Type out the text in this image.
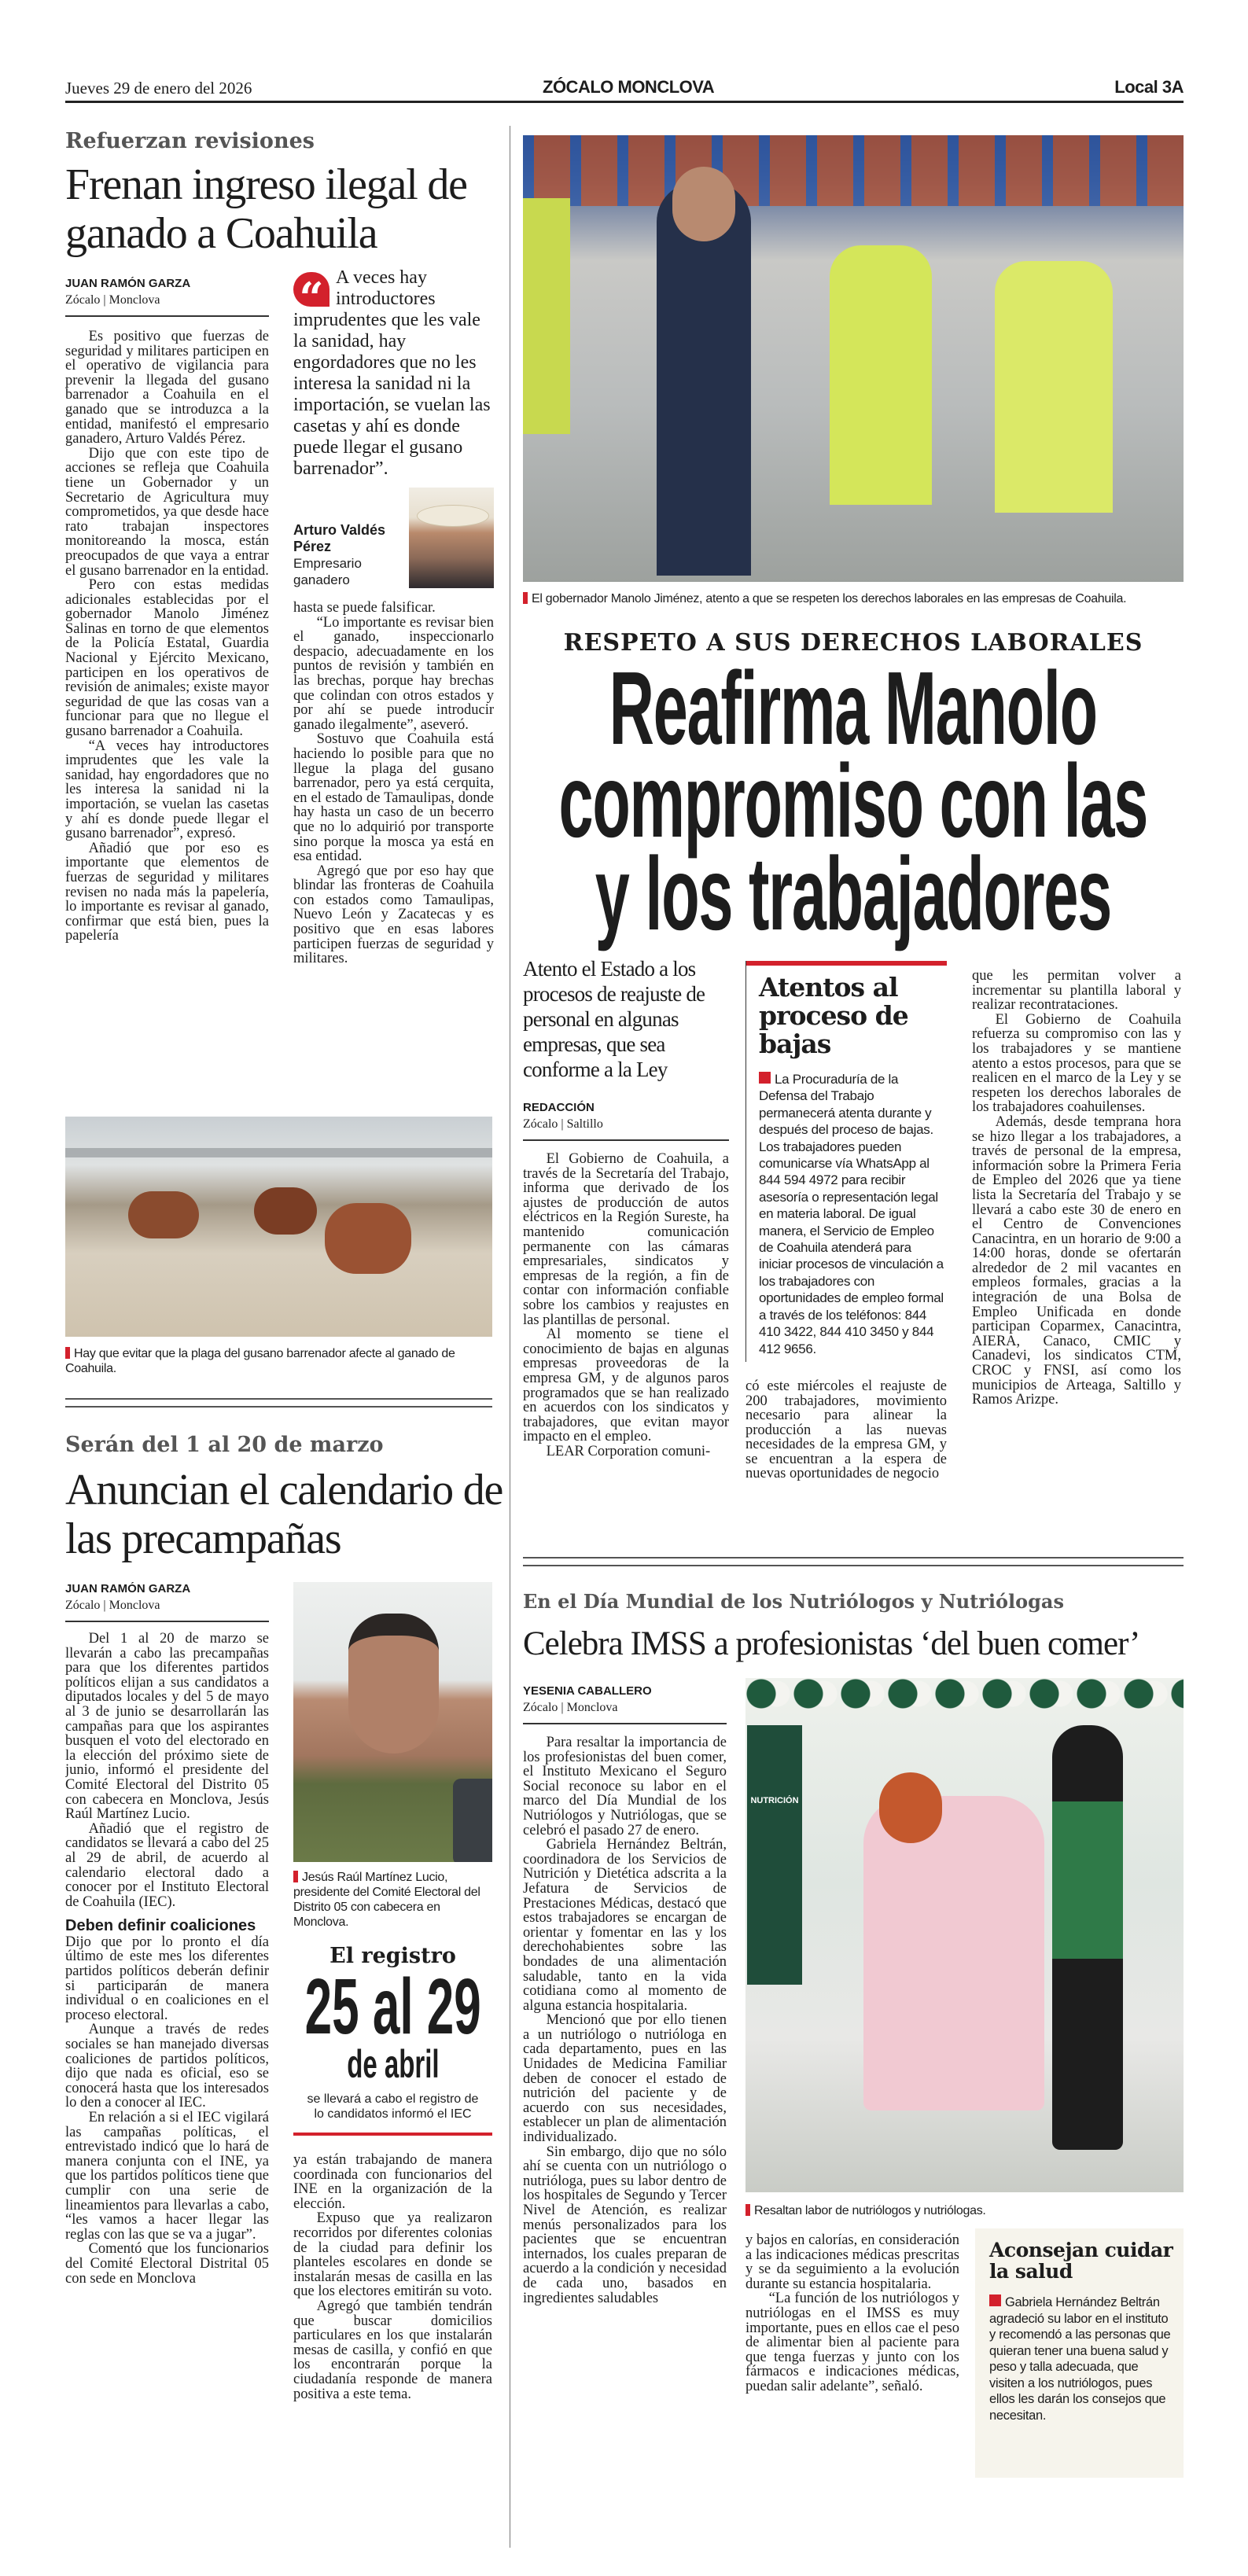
Jueves 29 de enero del 2026	ZÓCALO MONCLOVA	Local 3A
Refuerzan revisiones
Frenan ingreso ilegal de ganado a Coahuila
JUAN RAMÓN GARZA
Zócalo | Monclova

Es positivo que fuerzas de seguridad y militares participen en el operativo de vigilancia para prevenir la llegada del gusano barrenador a Coahuila en el ganado que se introduzca a la entidad, manifestó el empresario ganadero, Arturo Valdés Pérez.

Dijo que con este tipo de acciones se refleja que Coahuila tiene un Gobernador y un Secretario de Agricultura muy comprometidos, ya que desde hace rato trabajan inspectores monitoreando la mosca, están preocupados de que vaya a entrar el gusano barrenador en la entidad.

Pero con estas medidas adicionales establecidas por el gobernador Manolo Jiménez Salinas en torno de que elementos de la Policía Estatal, Guardia Nacional y Ejército Mexicano, participen en los operativos de revisión de animales; existe mayor seguridad de que las cosas van a funcionar para que no llegue el gusano barrenador a Coahuila.

“A veces hay introductores imprudentes que les vale la sanidad, hay engordadores que no les interesa la sanidad ni la importación, se vuelan las casetas y ahí es donde puede llegar el gusano barrenador”, expresó.

Añadió que por eso es importante que elementos de fuerzas de seguridad y militares revisen no nada más la papelería, lo importante es revisar al ganado, confirmar que está bien, pues la papelería

“ A veces hay introductores imprudentes que les vale la sanidad, hay engordadores que no les interesa la sanidad ni la importación, se vuelan las casetas y ahí es donde puede llegar el gusano barrenador”.
Arturo Valdés Pérez
Empresario ganadero

hasta se puede falsificar.

“Lo importante es revisar bien el ganado, inspeccionarlo despacio, adecuadamente en los puntos de revisión y también en las brechas, porque hay brechas que colindan con otros estados y por ahí se puede introducir ganado ilegalmente”, aseveró.

Sostuvo que Coahuila está haciendo lo posible para que no llegue la plaga del gusano barrenador, pero ya está cerquita, en el estado de Tamaulipas, donde hay hasta un caso de un becerro que no lo adquirió por transporte sino porque la mosca ya está en esa entidad.

Agregó que por eso hay que blindar las fronteras de Coahuila con estados como Tamaulipas, Nuevo León y Zacatecas y es positivo que en esas labores participen fuerzas de seguridad y militares.

Hay que evitar que la plaga del gusano barrenador afecte al ganado de Coahuila.
Serán del 1 al 20 de marzo
Anuncian el calendario de las precampañas
JUAN RAMÓN GARZA
Zócalo | Monclova

Del 1 al 20 de marzo se llevarán a cabo las precampañas para que los diferentes partidos políticos elijan a sus candidatos a diputados locales y del 5 de mayo al 3 de junio se desarrollarán las campañas para que los aspirantes busquen el voto del electorado en la elección del próximo siete de junio, informó el presidente del Comité Electoral del Distrito 05 con cabecera en Monclova, Jesús Raúl Martínez Lucio.

Añadió que el registro de candidatos se llevará a cabo del 25 al 29 de abril, de acuerdo al calendario electoral dado a conocer por el Instituto Electoral de Coahuila (IEC).

Deben definir coaliciones

Dijo que por lo pronto el día último de este mes los diferentes partidos políticos deberán definir si participarán de manera individual o en coaliciones en el proceso electoral.

Aunque a través de redes sociales se han manejado diversas coaliciones de partidos políticos, dijo que nada es oficial, eso se conocerá hasta que los interesados lo den a conocer al IEC.

En relación a si el IEC vigilará las campañas políticas, el entrevistado indicó que lo hará de manera conjunta con el INE, ya que los partidos políticos tiene que cumplir con una serie de lineamientos para llevarlas a cabo, “les vamos a hacer llegar las reglas con las que se va a jugar”.

Comentó que los funcionarios del Comité Electoral Distrital 05 con sede en Monclova

Jesús Raúl Martínez Lucio, presidente del Comité Electoral del Distrito 05 con cabecera en Monclova.
El registro
25 al 29
de abril
se llevará a cabo el registro de lo candidatos informó el IEC

ya están trabajando de manera coordinada con funcionarios del INE en la organización de la elección.

Expuso que ya realizaron recorridos por diferentes colonias de la ciudad para definir los planteles escolares en donde se instalarán mesas de casilla en las que los electores emitirán su voto.

Agregó que también tendrán que buscar domicilios particulares en los que instalarán mesas de casilla, y confió en que los encontrarán porque la ciudadanía responde de manera positiva a este tema.

El gobernador Manolo Jiménez, atento a que se respeten los derechos laborales en las empresas de Coahuila.
RESPETO A SUS DERECHOS LABORALES
Reafirma Manolo
compromiso con las
y los trabajadores
Atento el Estado a los procesos de reajuste de personal en algunas empresas, que sea conforme a la Ley
REDACCIÓN
Zócalo | Saltillo

El Gobierno de Coahuila, a través de la Secretaría del Trabajo, informa que derivado de los ajustes de producción de autos eléctricos en la Región Sureste, ha mantenido comunicación permanente con las cámaras empresariales, sindicatos y empresas de la región, a fin de contar con información confiable sobre los cambios y reajustes en las plantillas de personal.

Al momento se tiene el conocimiento de bajas en algunas empresas proveedoras de la empresa GM, y de algunos paros programados que se han realizado en acuerdos con los sindicatos y trabajadores, que evitan mayor impacto en el empleo.

LEAR Corporation comuni-

Atentos al proceso de bajas
La Procuraduría de la Defensa del Trabajo permanecerá atenta durante y después del proceso de bajas. Los trabajadores pueden comunicarse vía WhatsApp al 844 594 4972 para recibir asesoría o representación legal en materia laboral. De igual manera, el Servicio de Empleo de Coahuila atenderá para iniciar procesos de vinculación a los trabajadores con oportunidades de empleo formal a través de los teléfonos: 844 410 3422, 844 410 3450 y 844 412 9656.

có este miércoles el reajuste de 200 trabajadores, movimiento necesario para alinear la producción a las nuevas necesidades de la empresa GM, y se encuentran a la espera de nuevas oportunidades de negocio

que les permitan volver a incrementar su plantilla laboral y realizar recontrataciones.

El Gobierno de Coahuila refuerza su compromiso con las y los trabajadores y se mantiene atento a estos procesos, para que se realicen en el marco de la Ley y se respeten los derechos laborales de los trabajadores coahuilenses.

Además, desde temprana hora se hizo llegar a los trabajadores, a través de personal de la empresa, información sobre la Primera Feria de Empleo del 2026 que ya tiene lista la Secretaría del Trabajo y se llevará a cabo este 30 de enero en el Centro de Convenciones Canacintra, en un horario de 9:00 a 14:00 horas, donde se ofertarán alrededor de 2 mil vacantes en empleos formales, gracias a la integración de una Bolsa de Empleo Unificada en donde participan Coparmex, Canacintra, AIERA, Canaco, CMIC y Canadevi, los sindicatos CTM, CROC y FNSI, así como los municipios de Arteaga, Saltillo y Ramos Arizpe.

En el Día Mundial de los Nutriólogos y Nutriólogas
Celebra IMSS a profesionistas ‘del buen comer’
YESENIA CABALLERO
Zócalo | Monclova

Para resaltar la importancia de los profesionistas del buen comer, el Instituto Mexicano el Seguro Social reconoce su labor en el marco del Día Mundial de los Nutriólogos y Nutriólogas, que se celebró el pasado 27 de enero.

Gabriela Hernández Beltrán, coordinadora de los Servicios de Nutrición y Dietética adscrita a la Jefatura de Servicios de Prestaciones Médicas, destacó que estos trabajadores se encargan de orientar y fomentar en las y los derechohabientes sobre las bondades de una alimentación saludable, tanto en la vida cotidiana como al momento de alguna estancia hospitalaria.

Mencionó que por ello tienen a un nutriólogo o nutrióloga en cada departamento, pues en las Unidades de Medicina Familiar deben de conocer el estado de nutrición del paciente y de acuerdo con sus necesidades, establecer un plan de alimentación individualizado.

Sin embargo, dijo que no sólo ahí se cuenta con un nutriólogo o nutrióloga, pues su labor dentro de los hospitales de Segundo y Tercer Nivel de Atención, es realizar menús personalizados para los pacientes que se encuentran internados, los cuales preparan de acuerdo a la condición y necesidad de cada uno, basados en ingredientes saludables

NUTRICIÓN
Resaltan labor de nutriólogos y nutriólogas.

y bajos en calorías, en consideración a las indicaciones médicas prescritas y se da seguimiento a la evolución durante su estancia hospitalaria.

“La función de los nutriólogos y nutriólogas en el IMSS es muy importante, pues en ellos cae el peso de alimentar bien al paciente para que tenga fuerzas y junto con los fármacos e indicaciones médicas, puedan salir adelante”, señaló.

Aconsejan cuidar la salud
Gabriela Hernández Beltrán agradeció su labor en el instituto y recomendó a las personas que quieran tener una buena salud y peso y talla adecuada, que visiten a los nutriólogos, pues ellos les darán los consejos que necesitan.
